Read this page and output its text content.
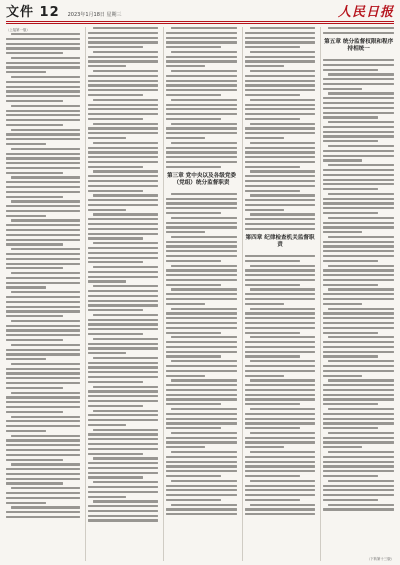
文件 12 2023年1月18日 星期三	人民日报
（上接第一版）
第三章 党中央以及各级党委（党组）统分监督职责
第四章 纪律检查机关监督职责
第五章 统分监督权限和程序持相统一
（下转第十三版）
